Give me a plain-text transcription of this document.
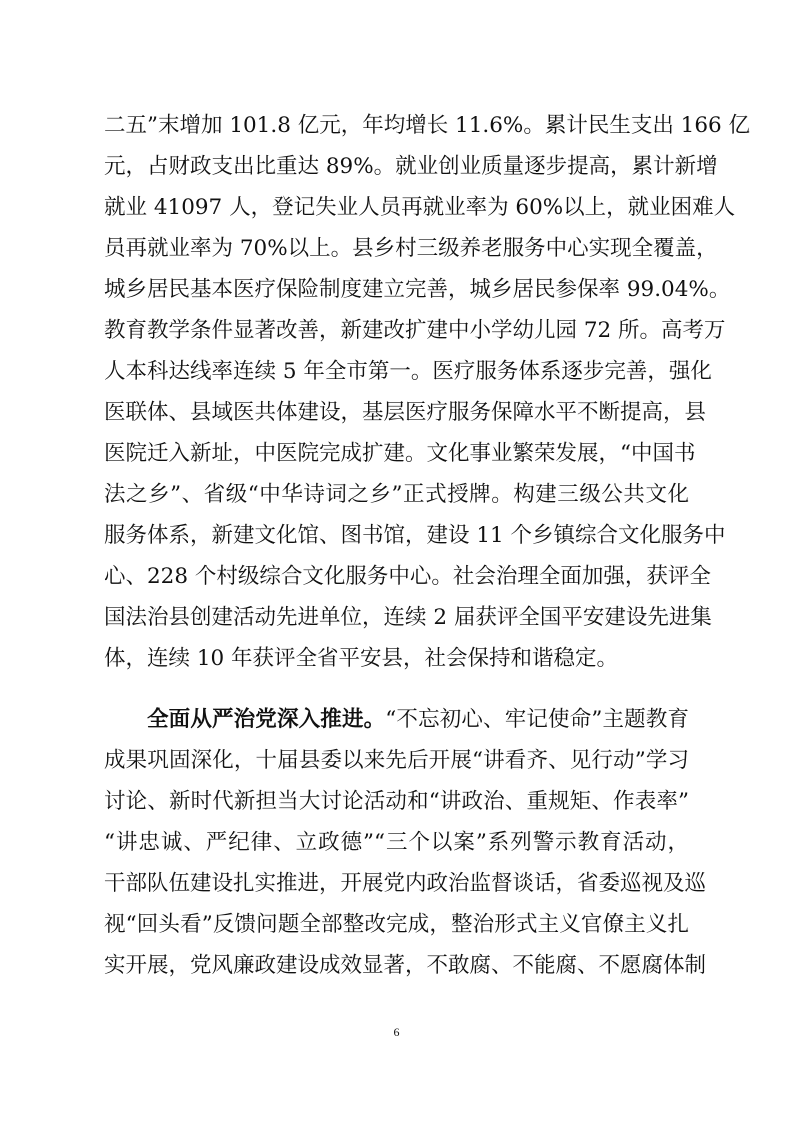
二五”末增加 101.8 亿元，年均增长 11.6%。累计民生支出 166 亿
元，占财政支出比重达 89%。就业创业质量逐步提高，累计新增
就业 41097 人，登记失业人员再就业率为 60%以上，就业困难人
员再就业率为 70%以上。县乡村三级养老服务中心实现全覆盖，
城乡居民基本医疗保险制度建立完善，城乡居民参保率 99.04%。
教育教学条件显著改善，新建改扩建中小学幼儿园 72 所。高考万
人本科达线率连续 5 年全市第一。医疗服务体系逐步完善，强化
医联体、县域医共体建设，基层医疗服务保障水平不断提高，县
医院迁入新址，中医院完成扩建。文化事业繁荣发展，“中国书
法之乡”、省级“中华诗词之乡”正式授牌。构建三级公共文化
服务体系，新建文化馆、图书馆，建设 11 个乡镇综合文化服务中
心、228 个村级综合文化服务中心。社会治理全面加强，获评全
国法治县创建活动先进单位，连续 2 届获评全国平安建设先进集
体，连续 10 年获评全省平安县，社会保持和谐稳定。
全面从严治党深入推进。“不忘初心、牢记使命”主题教育
成果巩固深化，十届县委以来先后开展“讲看齐、见行动”学习
讨论、新时代新担当大讨论活动和“讲政治、重规矩、作表率”
“讲忠诚、严纪律、立政德”“三个以案”系列警示教育活动，
干部队伍建设扎实推进，开展党内政治监督谈话，省委巡视及巡
视“回头看”反馈问题全部整改完成，整治形式主义官僚主义扎
实开展，党风廉政建设成效显著，不敢腐、不能腐、不愿腐体制
6
